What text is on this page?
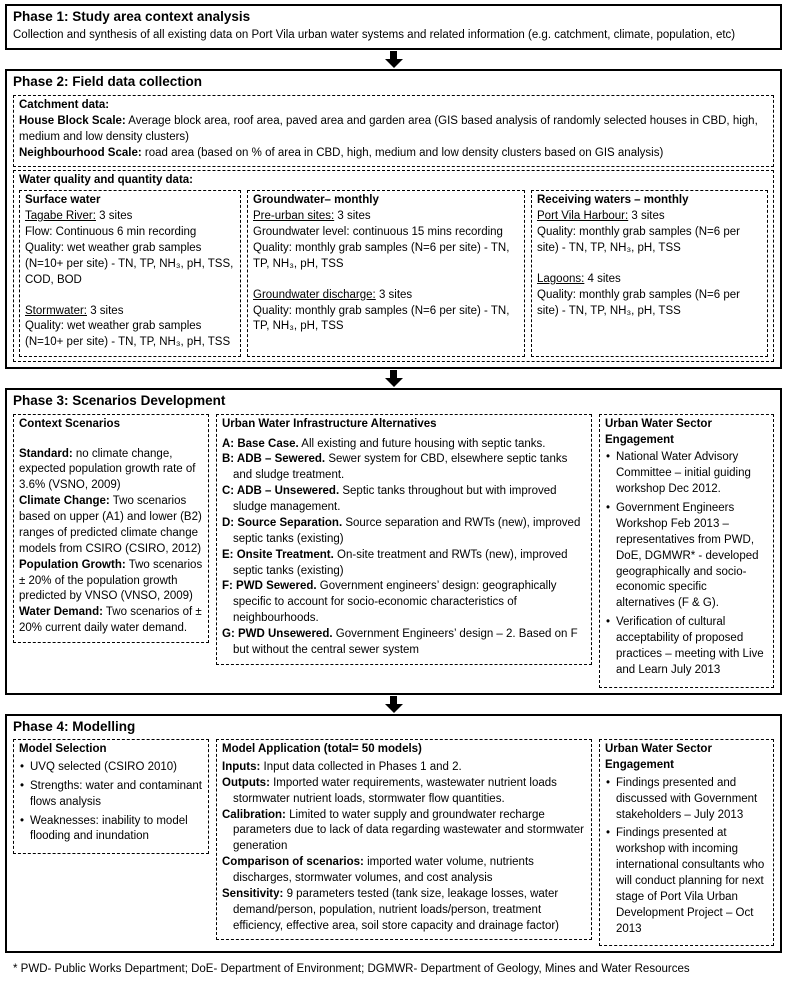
Phase 1: Study area context analysis

Collection and synthesis of all existing data on Port Vila urban water systems and related information (e.g. catchment, climate, population, etc)

Phase 2: Field data collection
Catchment data:

House Block Scale: Average block area, roof area, paved area and garden area (GIS based analysis of randomly selected houses in CBD, high, medium and low density clusters)

Neighbourhood Scale: road area (based on % of area in CBD, high, medium and low density clusters based on GIS analysis)

Water quality and quantity data:
Surface water

Tagabe River: 3 sites

Flow: Continuous 6 min recording

Quality: wet weather grab samples (N=10+ per site) - TN, TP, NH₃, pH, TSS, COD, BOD

Stormwater: 3 sites

Quality: wet weather grab samples (N=10+ per site) - TN, TP, NH₃, pH, TSS

Groundwater– monthly

Pre-urban sites: 3 sites

Groundwater level: continuous 15 mins recording

Quality: monthly grab samples (N=6 per site) - TN, TP, NH₃, pH, TSS

Groundwater discharge: 3 sites

Quality: monthly grab samples (N=6 per site) - TN, TP, NH₃, pH, TSS

Receiving waters – monthly

Port Vila Harbour: 3 sites

Quality: monthly grab samples (N=6 per site) - TN, TP, NH₃, pH, TSS

Lagoons: 4 sites

Quality: monthly grab samples (N=6 per site) - TN, TP, NH₃, pH, TSS

Phase 3: Scenarios Development
Context Scenarios

Standard: no climate change, expected population growth rate of 3.6% (VSNO, 2009)

Climate Change: Two scenarios based on upper (A1) and lower (B2) ranges of predicted climate change models from CSIRO (CSIRO, 2012)

Population Growth: Two scenarios ± 20% of the population growth predicted by VNSO (VNSO, 2009)

Water Demand: Two scenarios of ± 20% current daily water demand.

Urban Water Infrastructure Alternatives

A: Base Case. All existing and future housing with septic tanks.

B: ADB – Sewered. Sewer system for CBD, elsewhere septic tanks and sludge treatment.

C: ADB – Unsewered. Septic tanks throughout but with improved sludge management.

D: Source Separation. Source separation and RWTs (new), improved septic tanks (existing)

E: Onsite Treatment. On-site treatment and RWTs (new), improved septic tanks (existing)

F: PWD Sewered. Government engineers’ design: geographically specific to account for socio-economic characteristics of neighbourhoods.

G: PWD Unsewered. Government Engineers’ design – 2. Based on F but without the central sewer system

Urban Water Sector Engagement

• National Water Advisory Committee – initial guiding workshop Dec 2012.

• Government Engineers Workshop Feb 2013 – representatives from PWD, DoE, DGMWR* - developed geographically and socio-economic specific alternatives (F & G).

• Verification of cultural acceptability of proposed practices – meeting with Live and Learn July 2013

Phase 4: Modelling
Model Selection

• UVQ selected (CSIRO 2010)

• Strengths: water and contaminant flows analysis

• Weaknesses: inability to model flooding and inundation

Model Application (total= 50 models)

Inputs: Input data collected in Phases 1 and 2.

Outputs: Imported water requirements, wastewater nutrient loads stormwater nutrient loads, stormwater flow quantities.

Calibration: Limited to water supply and groundwater recharge parameters due to lack of data regarding wastewater and stormwater generation

Comparison of scenarios: imported water volume, nutrients discharges, stormwater volumes, and cost analysis

Sensitivity: 9 parameters tested (tank size, leakage losses, water demand/person, population, nutrient loads/person, treatment efficiency, effective area, soil store capacity and drainage factor)

Urban Water Sector Engagement

• Findings presented and discussed with Government stakeholders – July 2013

• Findings presented at workshop with incoming international consultants who will conduct planning for next stage of Port Vila Urban Development Project – Oct 2013

* PWD- Public Works Department; DoE- Department of Environment; DGMWR- Department of Geology, Mines and Water Resources
